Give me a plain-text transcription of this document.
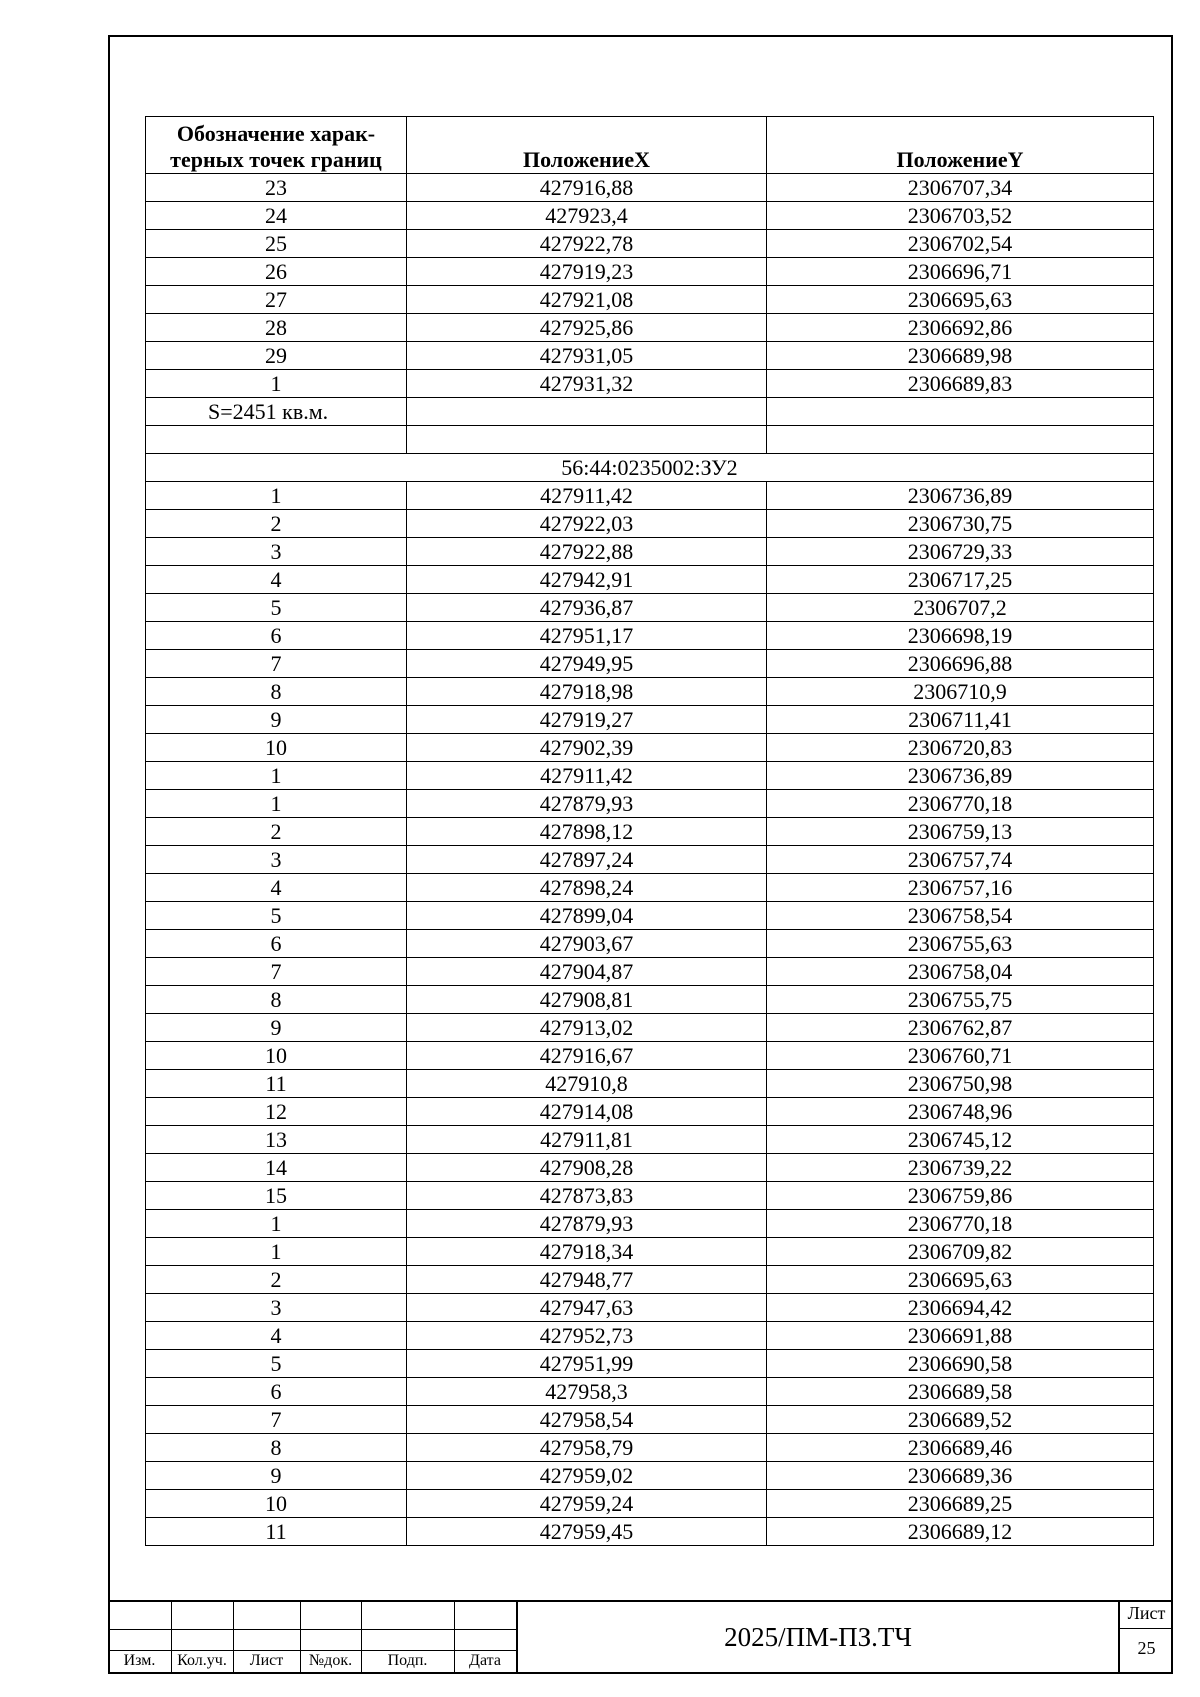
Обозначение харак-терных точек границ	ПоложениеX	ПоложениеY
23	427916,88	2306707,34
24	427923,4	2306703,52
25	427922,78	2306702,54
26	427919,23	2306696,71
27	427921,08	2306695,63
28	427925,86	2306692,86
29	427931,05	2306689,98
1	427931,32	2306689,83
S=2451 кв.м.		

56:44:0235002:ЗУ2		
1	427911,42	2306736,89
2	427922,03	2306730,75
3	427922,88	2306729,33
4	427942,91	2306717,25
5	427936,87	2306707,2
6	427951,17	2306698,19
7	427949,95	2306696,88
8	427918,98	2306710,9
9	427919,27	2306711,41
10	427902,39	2306720,83
1	427911,42	2306736,89
1	427879,93	2306770,18
2	427898,12	2306759,13
3	427897,24	2306757,74
4	427898,24	2306757,16
5	427899,04	2306758,54
6	427903,67	2306755,63
7	427904,87	2306758,04
8	427908,81	2306755,75
9	427913,02	2306762,87
10	427916,67	2306760,71
11	427910,8	2306750,98
12	427914,08	2306748,96
13	427911,81	2306745,12
14	427908,28	2306739,22
15	427873,83	2306759,86
1	427879,93	2306770,18
1	427918,34	2306709,82
2	427948,77	2306695,63
3	427947,63	2306694,42
4	427952,73	2306691,88
5	427951,99	2306690,58
6	427958,3	2306689,58
7	427958,54	2306689,52
8	427958,79	2306689,46
9	427959,02	2306689,36
10	427959,24	2306689,25
11	427959,45	2306689,12
Изм.	Кол.уч.	Лист	№док.	Подп.	Дата
2025/ПМ-ПЗ.ТЧ
Лист
25
